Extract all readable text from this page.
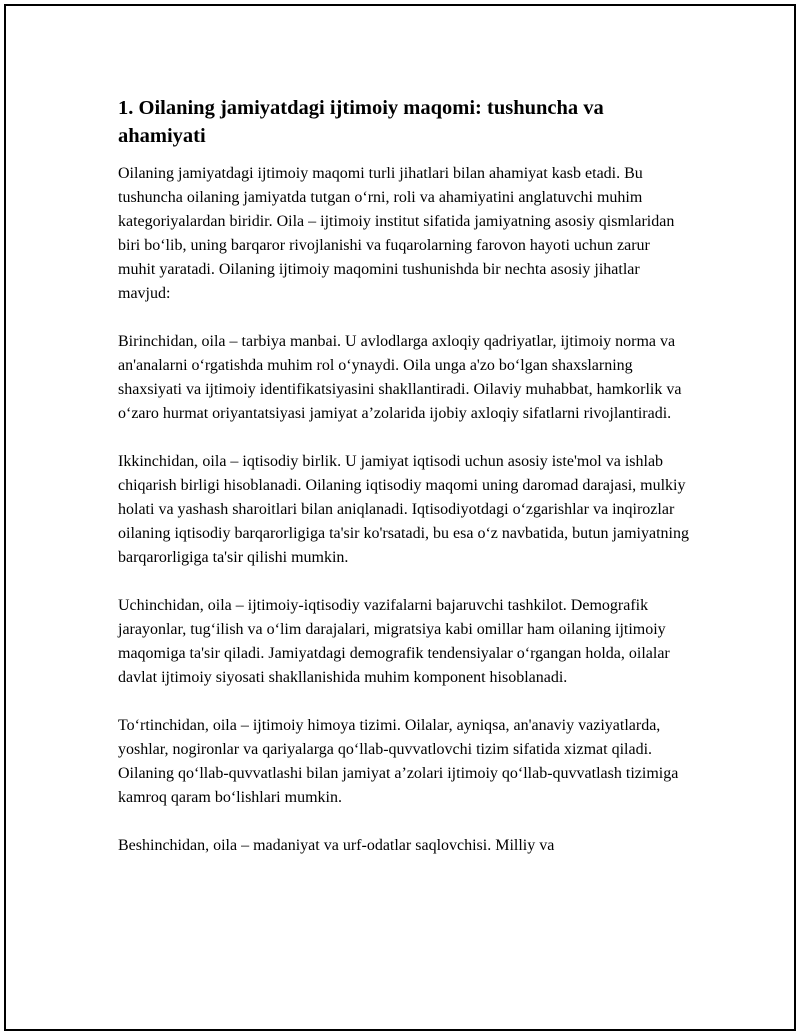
1. Oilaning jamiyatdagi ijtimoiy maqomi: tushuncha va ahamiyati

Oilaning jamiyatdagi ijtimoiy maqomi turli jihatlari bilan ahamiyat kasb etadi. Bu tushuncha oilaning jamiyatda tutgan o‘rni, roli va ahamiyatini anglatuvchi muhim kategoriyalardan biridir. Oila – ijtimoiy institut sifatida jamiyatning asosiy qismlaridan biri bo‘lib, uning barqaror rivojlanishi va fuqarolarning farovon hayoti uchun zarur muhit yaratadi. Oilaning ijtimoiy maqomini tushunishda bir nechta asosiy jihatlar mavjud:

Birinchidan, oila – tarbiya manbai. U avlodlarga axloqiy qadriyatlar, ijtimoiy norma va an'analarni o‘rgatishda muhim rol o‘ynaydi. Oila unga a'zo bo‘lgan shaxslarning shaxsiyati va ijtimoiy identifikatsiyasini shakllantiradi. Oilaviy muhabbat, hamkorlik va o‘zaro hurmat oriyantatsiyasi jamiyat a’zolarida ijobiy axloqiy sifatlarni rivojlantiradi.

Ikkinchidan, oila – iqtisodiy birlik. U jamiyat iqtisodi uchun asosiy iste'mol va ishlab chiqarish birligi hisoblanadi. Oilaning iqtisodiy maqomi uning daromad darajasi, mulkiy holati va yashash sharoitlari bilan aniqlanadi. Iqtisodiyotdagi o‘zgarishlar va inqirozlar oilaning iqtisodiy barqarorligiga ta'sir ko'rsatadi, bu esa o‘z navbatida, butun jamiyatning barqarorligiga ta'sir qilishi mumkin.

Uchinchidan, oila – ijtimoiy-iqtisodiy vazifalarni bajaruvchi tashkilot. Demografik jarayonlar, tug‘ilish va o‘lim darajalari, migratsiya kabi omillar ham oilaning ijtimoiy maqomiga ta'sir qiladi. Jamiyatdagi demografik tendensiyalar o‘rgangan holda, oilalar davlat ijtimoiy siyosati shakllanishida muhim komponent hisoblanadi.

To‘rtinchidan, oila – ijtimoiy himoya tizimi. Oilalar, ayniqsa, an'anaviy vaziyatlarda, yoshlar, nogironlar va qariyalarga qo‘llab-quvvatlovchi tizim sifatida xizmat qiladi. Oilaning qo‘llab-quvvatlashi bilan jamiyat a’zolari ijtimoiy qo‘llab-quvvatlash tizimiga kamroq qaram bo‘lishlari mumkin.

Beshinchidan, oila – madaniyat va urf-odatlar saqlovchisi. Milliy va
